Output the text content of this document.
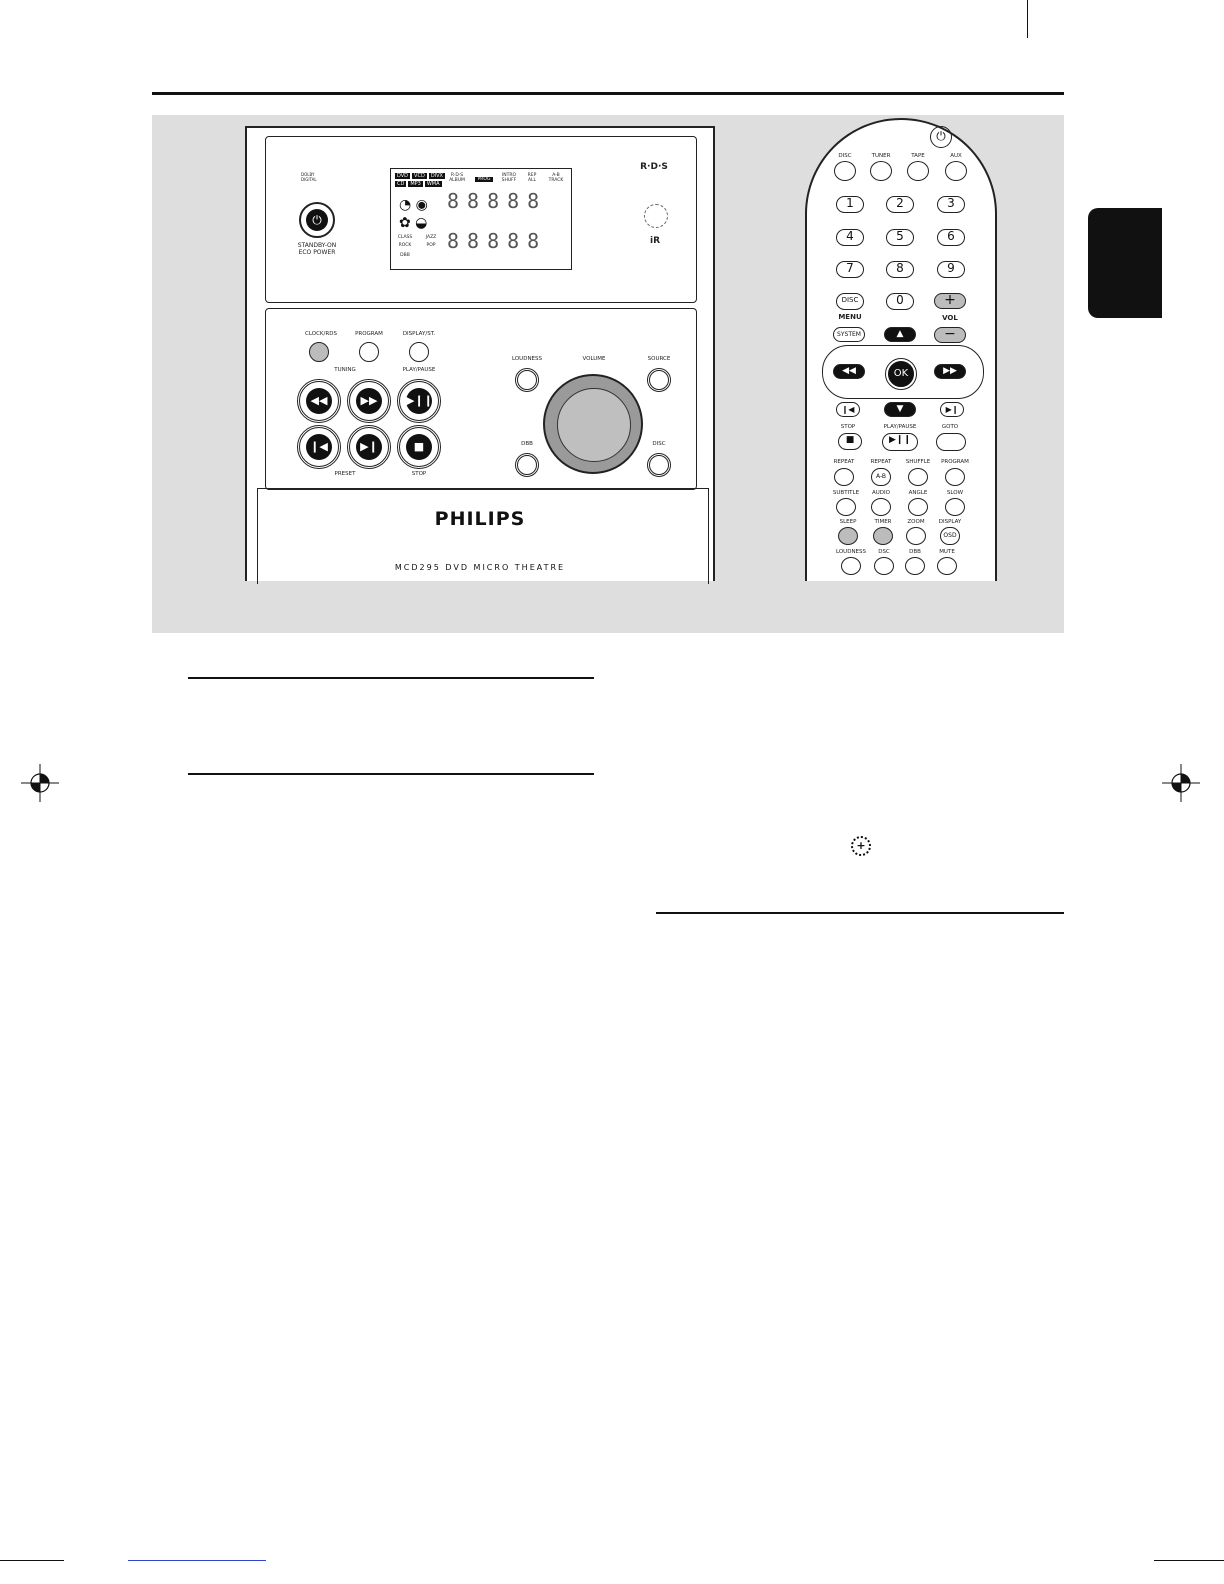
PHILIPS
MCD295 DVD MICRO THEATRE
DOLBY DIGITAL
⏻
STANDBY-ON
ECO POWER
R·D·S
iR
CLOCK/RDS	PROGRAM	DISPLAY/ST.
TUNING	PLAY/PAUSE
◀◀	▶▶	▶❙❙
❙◀	▶❙	■
PRESET	STOP
LOUDNESS	VOLUME	SOURCE
DBB	DISC
DVD VCD DIVX
CD MP3 WMA
R·D·S ALBUM	PROG
INTRO SHUFF
REP ALL
A-B TRACK
88888
88888
◔ ◉
✿ ◒
CLASS
ROCK
JAZZ
POP
DBB
⏻
DISC	TUNER	TAPE	AUX
1	2	3
4	5	6
7	8	9
0
DISC
MENU
SYSTEM
+
VOL
−
▲
◀◀	OK	▶▶
▼
❙◀	▶❙
STOP	PLAY/PAUSE	GOTO
■	▶❙❙
REPEAT	REPEAT	SHUFFLE	PROGRAM
A-B
SUBTITLE	AUDIO	ANGLE	SLOW
SLEEP	TIMER	ZOOM	DISPLAY
OSD
LOUDNESS	DSC	DBB	MUTE
+
